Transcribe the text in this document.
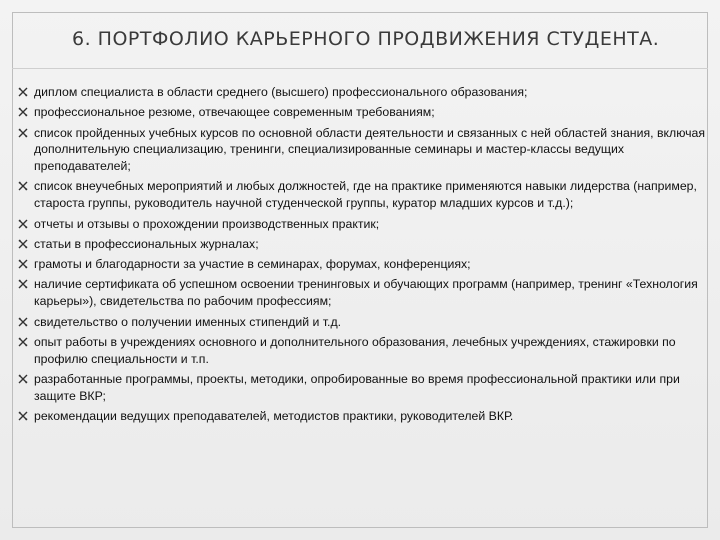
6. ПОРТФОЛИО КАРЬЕРНОГО ПРОДВИЖЕНИЯ СТУДЕНТА.
диплом специалиста в области среднего (высшего) профессионального образования;
профессиональное резюме, отвечающее современным требованиям;
список пройденных учебных курсов по основной области деятельности и связанных с ней областей знания, включая дополнительную специализацию, тренинги, специализированные семинары и мастер-классы ведущих преподавателей;
список внеучебных мероприятий и любых должностей, где на практике применяются навыки лидерства (например, староста группы, руководитель научной студенческой группы, куратор младших курсов и т.д.);
отчеты и отзывы о прохождении производственных практик;
статьи в профессиональных журналах;
грамоты и благодарности за участие в семинарах, форумах, конференциях;
наличие сертификата об успешном освоении тренинговых и обучающих программ (например, тренинг «Технология карьеры»), свидетельства по рабочим профессиям;
свидетельство о получении именных стипендий и т.д.
опыт работы в учреждениях основного и дополнительного образования, лечебных учреждениях, стажировки по профилю специальности и т.п.
разработанные программы, проекты, методики, опробированные во время профессиональной практики или при защите ВКР;
рекомендации ведущих преподавателей, методистов практики, руководителей ВКР.
